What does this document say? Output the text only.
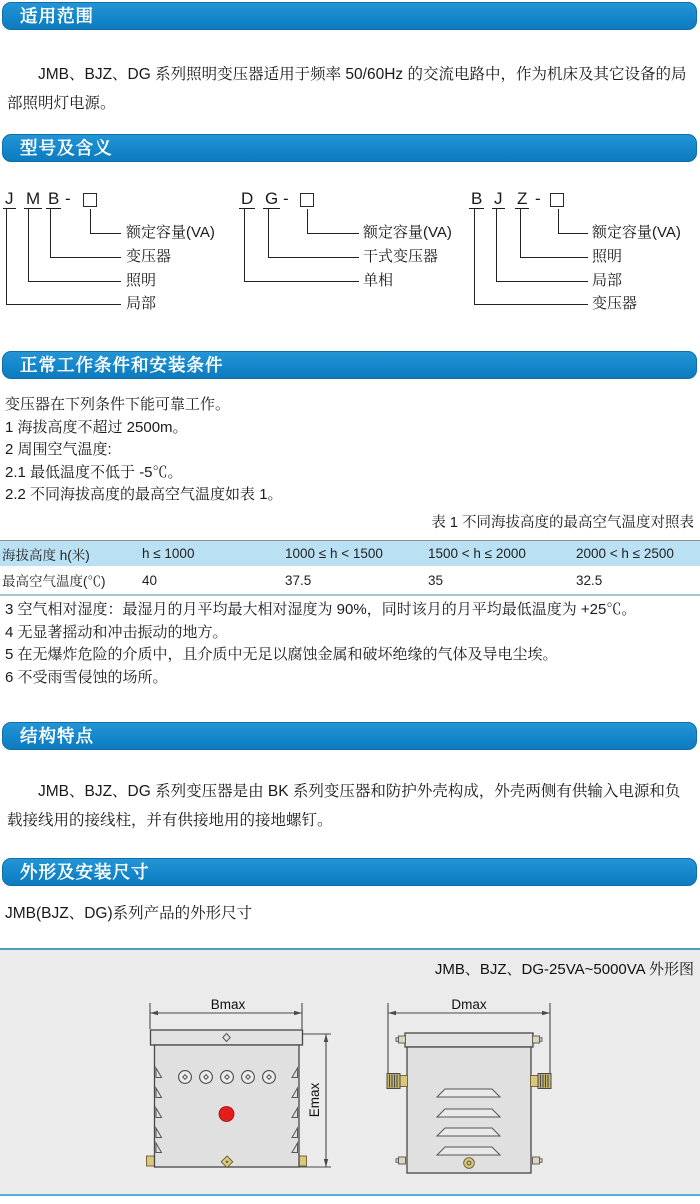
适用范围

JMB、BJZ、DG 系列照明变压器适用于频率 50/60Hz 的交流电路中，作为机床及其它设备的局部照明灯电源。

型号及含义
J M B -
额定容量(VA)
变压器
照明
局部
D G -
额定容量(VA)
干式变压器
单相
B J Z -
额定容量(VA)
照明
局部
变压器
正常工作条件和安装条件
变压器在下列条件下能可靠工作。
1 海拔高度不超过 2500m。
2 周围空气温度:
2.1 最低温度不低于 -5℃。
2.2 不同海拔高度的最高空气温度如表 1。
表 1 不同海拔高度的最高空气温度对照表
海拔高度 h(米)	h ≤ 1000	1000 ≤ h < 1500	1500 < h ≤ 2000	2000 < h ≤ 2500
最高空气温度(℃)	40	37.5	35	32.5
3 空气相对湿度：最湿月的月平均最大相对湿度为 90%，同时该月的月平均最低温度为 +25℃。
4 无显著摇动和冲击振动的地方。
5 在无爆炸危险的介质中，且介质中无足以腐蚀金属和破坏绝缘的气体及导电尘埃。
6 不受雨雪侵蚀的场所。
结构特点

JMB、BJZ、DG 系列变压器是由 BK 系列变压器和防护外壳构成，外壳两侧有供输入电源和负载接线用的接线柱，并有供接地用的接地螺钉。

外形及安装尺寸
JMB(BJZ、DG)系列产品的外形尺寸
JMB、BJZ、DG-25VA~5000VA 外形图
Bmax
Emax
Dmax
